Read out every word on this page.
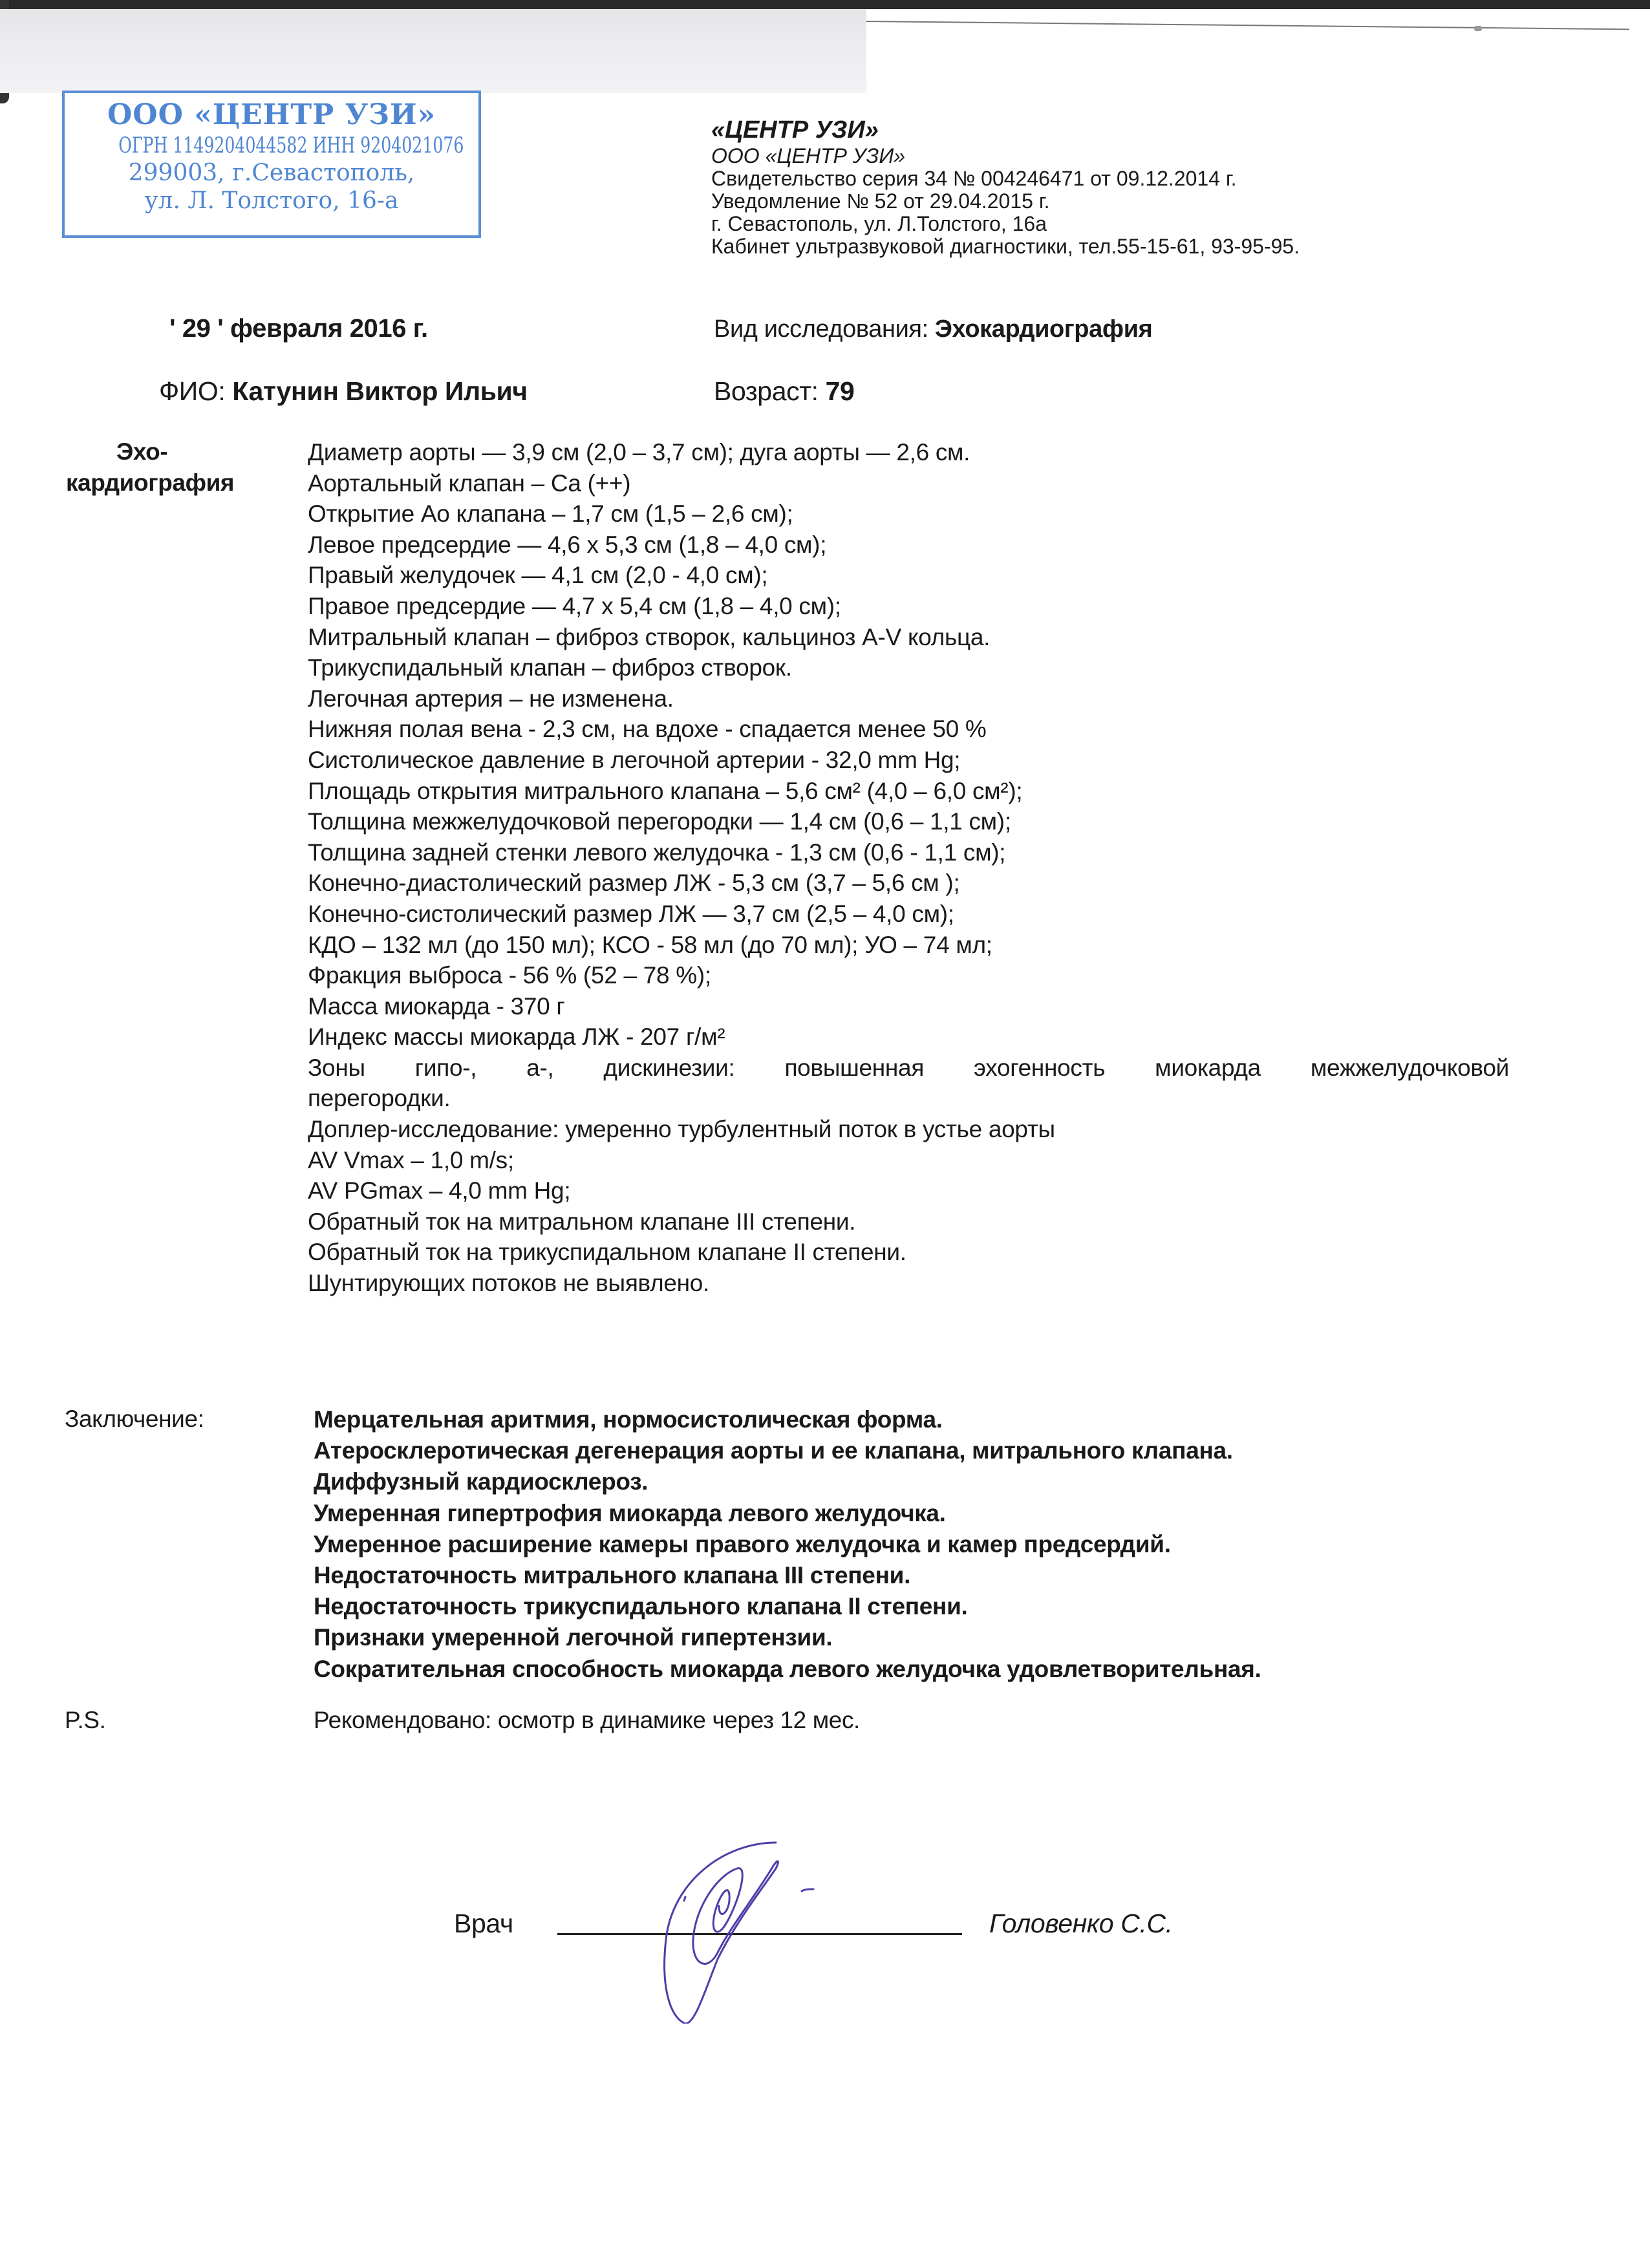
ООО «ЦЕНТР УЗИ»
ОГРН 1149204044582 ИНН 9204021076
299003, г.Севастополь,
ул. Л. Толстого, 16-а
«ЦЕНТР УЗИ»
ООО «ЦЕНТР УЗИ»
Свидетельство серия 34 № 004246471 от 09.12.2014 г.
Уведомление № 52 от 29.04.2015 г.
г. Севастополь, ул. Л.Толстого, 16а
Кабинет ультразвуковой диагностики, тел.55-15-61, 93-95-95.
' 29 ' февраля 2016 г.	Вид исследования: Эхокардиография
ФИО: Катунин Виктор Ильич	Возраст: 79
Эхо-
кардиография
Диаметр аорты — 3,9 см (2,0 – 3,7 см); дуга аорты — 2,6 см.
Аортальный клапан – Ca (++)
Открытие Ао клапана – 1,7 см (1,5 – 2,6 см);
Левое предсердие — 4,6 х 5,3 см (1,8 – 4,0 см);
Правый желудочек — 4,1 см (2,0 - 4,0 см);
Правое предсердие — 4,7 х 5,4 см (1,8 – 4,0 см);
Митральный клапан – фиброз створок, кальциноз A-V кольца.
Трикуспидальный клапан – фиброз створок.
Легочная артерия – не изменена.
Нижняя полая вена - 2,3 см, на вдохе - спадается менее 50 %
Систолическое давление в легочной артерии - 32,0 mm Hg;
Площадь открытия митрального клапана – 5,6 см² (4,0 – 6,0 см²);
Толщина межжелудочковой перегородки — 1,4 см (0,6 – 1,1 см);
Толщина задней стенки левого желудочка - 1,3 см (0,6 - 1,1 см);
Конечно-диастолический размер ЛЖ - 5,3 см (3,7 – 5,6 см );
Конечно-систолический размер ЛЖ — 3,7 см (2,5 – 4,0 см);
КДО – 132 мл (до 150 мл); КСО - 58 мл (до 70 мл); УО – 74 мл;
Фракция выброса - 56 % (52 – 78 %);
Масса миокарда - 370 г
Индекс массы миокарда ЛЖ - 207 г/м²
Зоны гипо-, а-, дискинезии: повышенная эхогенность миокарда межжелудочковой
перегородки.
Доплер-исследование: умеренно турбулентный поток в устье аорты
AV Vmax – 1,0 m/s;
AV PGmax – 4,0 mm Hg;
Обратный ток на митральном клапане III степени.
Обратный ток на трикуспидальном клапане II степени.
Шунтирующих потоков не выявлено.
Заключение:	Мерцательная аритмия, нормосистолическая форма.
Атеросклеротическая дегенерация аорты и ее клапана, митрального клапана.
Диффузный кардиосклероз.
Умеренная гипертрофия миокарда левого желудочка.
Умеренное расширение камеры правого желудочка и камер предсердий.
Недостаточность митрального клапана III степени.
Недостаточность трикуспидального клапана II степени.
Признаки умеренной легочной гипертензии.
Сократительная способность миокарда левого желудочка удовлетворительная.
P.S.	Рекомендовано: осмотр в динамике через 12 мес.
Врач	Головенко С.С.
